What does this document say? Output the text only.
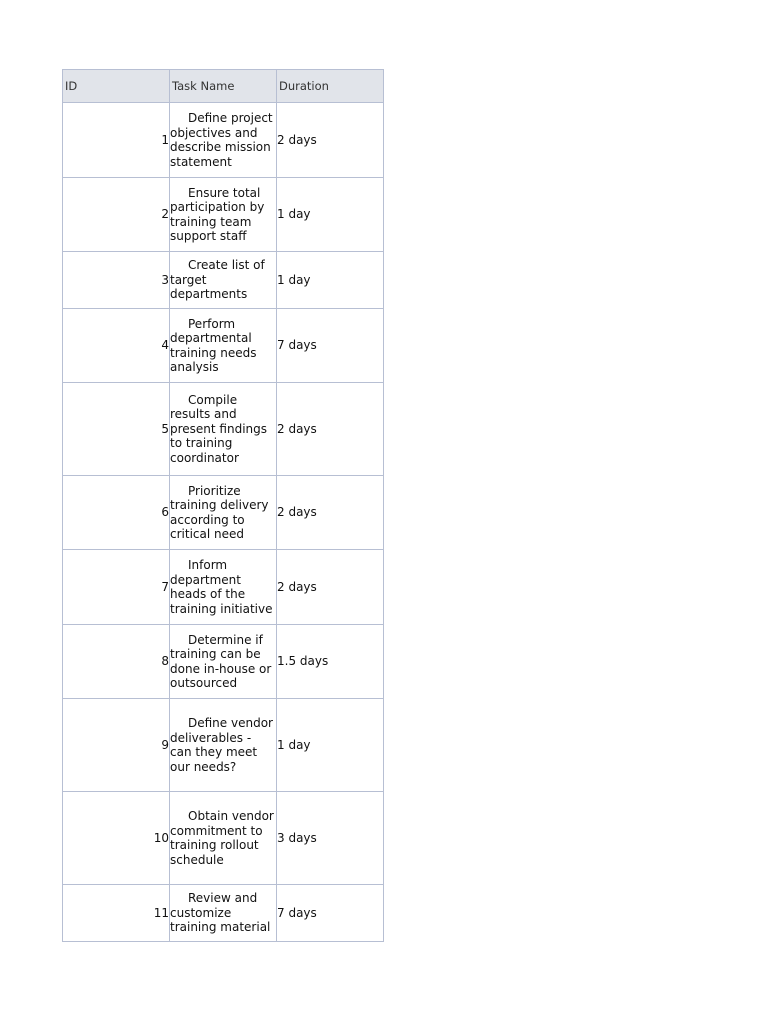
ID	Task Name	Duration
1	Define project objectives and describe mission statement	2 days
2	Ensure total participation by training team support staff	1 day
3	Create list of target departments	1 day
4	Perform departmental training needs analysis	7 days
5	Compile results and present findings to training coordinator	2 days
6	Prioritize training delivery according to critical need	2 days
7	Inform department heads of the training initiative	2 days
8	Determine if training can be done in-house or outsourced	1.5 days
9	Define vendor deliverables - can they meet our needs?	1 day
10	Obtain vendor commitment to training rollout schedule	3 days
11	Review and customize training material	7 days
